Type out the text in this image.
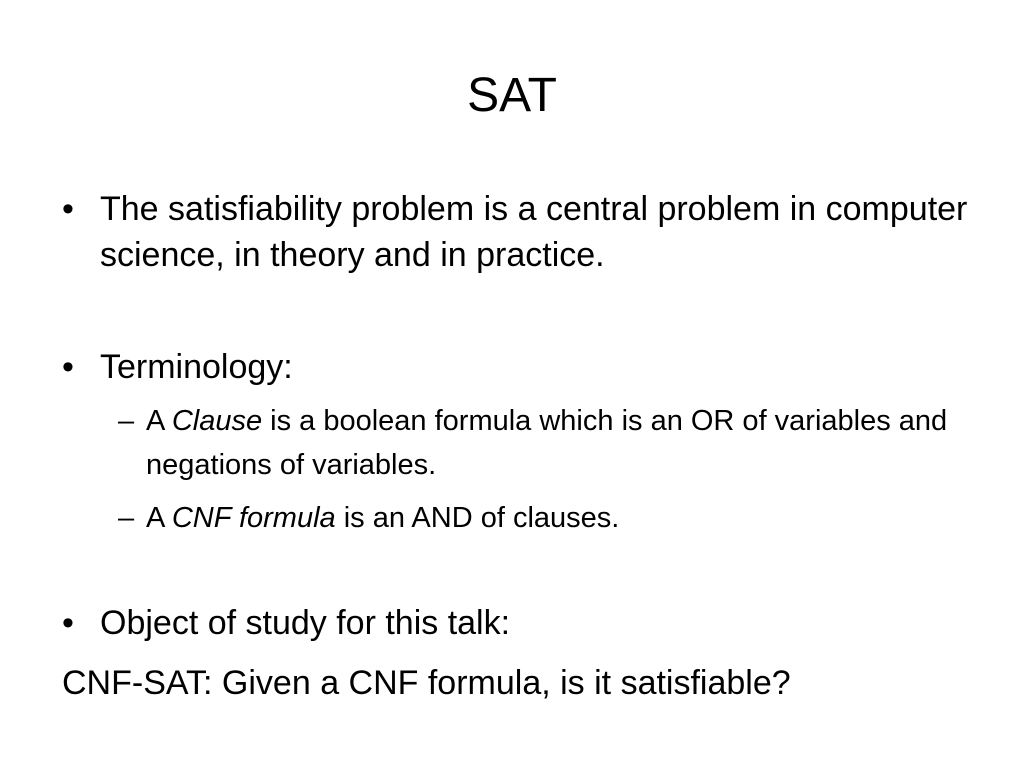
SAT
• The satisfiability problem is a central problem in computer science, in theory and in practice.
• Terminology:
– A Clause is a boolean formula which is an OR of variables and negations of variables.
– A CNF formula is an AND of clauses.
• Object of study for this talk:
CNF-SAT: Given a CNF formula, is it satisfiable?
